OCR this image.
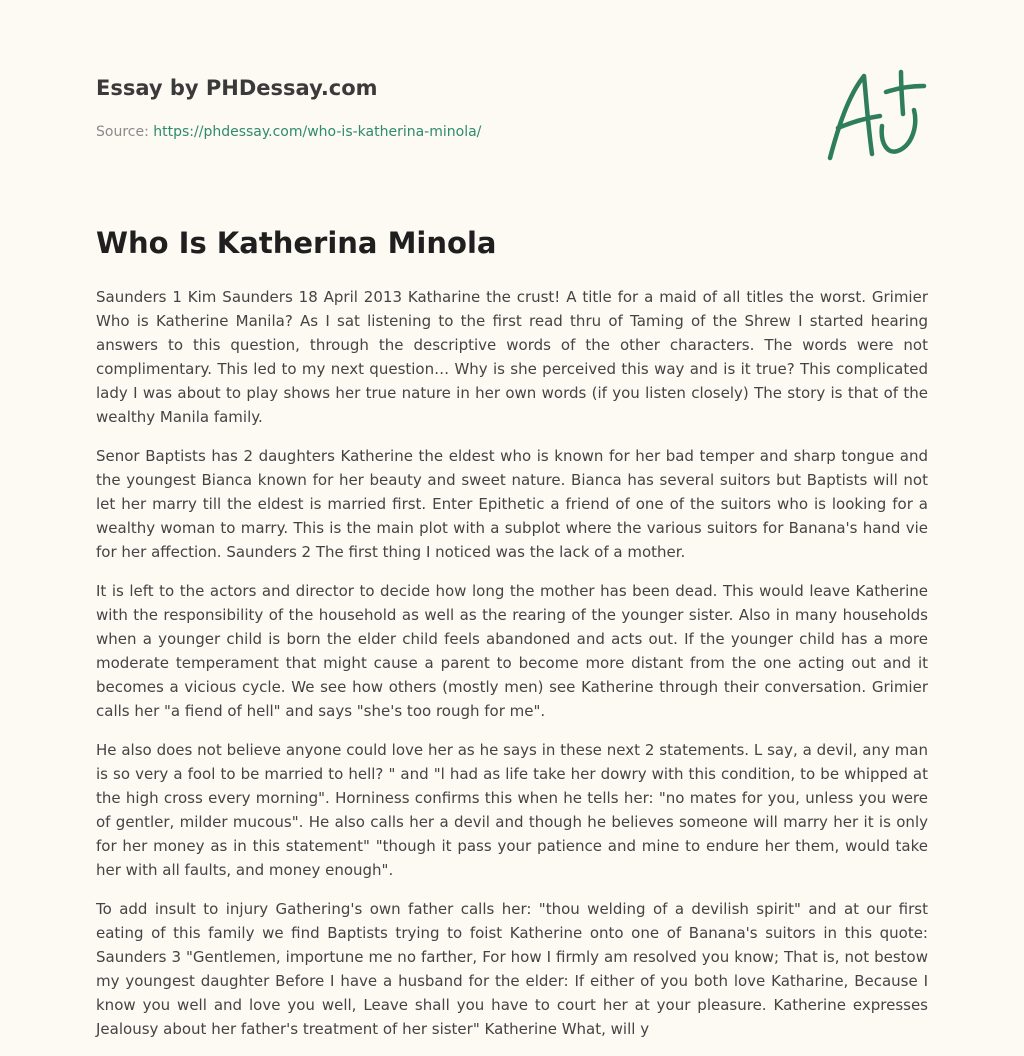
Essay by PHDessay.com
Source: https://phdessay.com/who-is-katherina-minola/
Who Is Katherina Minola

Saunders 1 Kim Saunders 18 April 2013 Katharine the crust! A title for a maid of all titles the worst. Grimier Who is Katherine Manila? As I sat listening to the first read thru of Taming of the Shrew I started hearing answers to this question, through the descriptive words of the other characters. The words were not complimentary. This led to my next question… Why is she perceived this way and is it true? This complicated lady I was about to play shows her true nature in her own words (if you listen closely) The story is that of the wealthy Manila family.

Senor Baptists has 2 daughters Katherine the eldest who is known for her bad temper and sharp tongue and the youngest Bianca known for her beauty and sweet nature. Bianca has several suitors but Baptists will not let her marry till the eldest is married first. Enter Epithetic a friend of one of the suitors who is looking for a wealthy woman to marry. This is the main plot with a subplot where the various suitors for Banana's hand vie for her affection. Saunders 2 The first thing I noticed was the lack of a mother.

It is left to the actors and director to decide how long the mother has been dead. This would leave Katherine with the responsibility of the household as well as the rearing of the younger sister. Also in many households when a younger child is born the elder child feels abandoned and acts out. If the younger child has a more moderate temperament that might cause a parent to become more distant from the one acting out and it becomes a vicious cycle. We see how others (mostly men) see Katherine through their conversation. Grimier calls her "a fiend of hell" and says "she's too rough for me".

He also does not believe anyone could love her as he says in these next 2 statements. L say, a devil, any man is so very a fool to be married to hell? " and "l had as life take her dowry with this condition, to be whipped at the high cross every morning". Horniness confirms this when he tells her: "no mates for you, unless you were of gentler, milder mucous". He also calls her a devil and though he believes someone will marry her it is only for her money as in this statement" "though it pass your patience and mine to endure her them, would take her with all faults, and money enough".

To add insult to injury Gathering's own father calls her: "thou welding of a devilish spirit" and at our first eating of this family we find Baptists trying to foist Katherine onto one of Banana's suitors in this quote: Saunders 3 "Gentlemen, importune me no farther, For how I firmly am resolved you know; That is, not bestow my youngest daughter Before I have a husband for the elder: If either of you both love Katharine, Because I know you well and love you well, Leave shall you have to court her at your pleasure. Katherine expresses Jealousy about her father's treatment of her sister" Katherine What, will y
